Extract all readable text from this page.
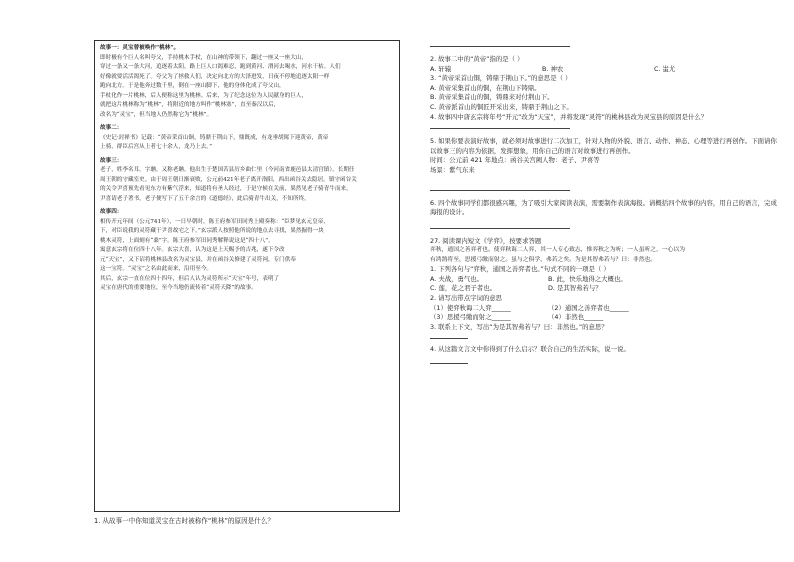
故事一：灵宝曾被唤作“桃林”。

即时极有个巨人名叫夸父，手持桃木手杖，在山神的带领下，翻过一座又一座大山，

穿过一条又一条大河，追逐着太阳。路上巨人口渴难忍，跑到黄河、渭河去喝水，河水干枯。人们

好像就要活活渴死了。夸父为了拯救人们，决定向北方的大泽进发，日夜不停地追逐太阳一样

跑向北方。于是他奔过数千里，倒在一座山脚下，他的身体化成了夸父山，

手杖化作一片桃林，后人便称这里为桃林。后来，为了纪念这位为人民献身的巨人，

就把这片桃林称为“桃林”，将附近的地方叫作“桃林塞”，直至秦汉以后，

改名为“灵宝”，但当地人仍然称它为“桃林”。

故事二：

《史记·封禅书》记载：“黄帝采首山铜，铸鼎于荆山下，鼎既成，有龙垂胡髯下迎黄帝，黄帝

上骑，群臣后宫从上者七十余人，龙乃上去。”

故事三：

老子，姓李名耳，字聃，又称老聃。他出生于楚国苦县厉乡曲仁里（今河南省鹿邑县太清宫镇），长期任

周王朝的守藏室史。由于周王朝日渐衰败，公元前421年老子离开洛阳，西出函谷关去隐居。镇守函谷关

的关令尹喜预先看见东方有紫气浮来，知道将有圣人经过，于是守候在关前，果然见老子骑青牛而来，

尹喜请老子著书，老子便写下了五千余言的《道德经》，此后骑青牛出关，不知所终。

故事四：

相传开元年间（公元741年），一日早朝时，陈王府参军田同秀上殿奏称：“臣梦见玄元皇帝，

下，对臣说我的灵符藏于尹喜故宅之下。”玄宗派人按照他所说的地点去寻找，果然掘得一块

桃木灵符，上面刻有“桑”字。陈王府参军田同秀解释说这是“四十八”，

寓意玄宗将在位四十八年。玄宗大喜，认为这是上天赐予的吉兆，遂下令改

元“天宝”，又下诏将桃林县改名为灵宝县，并在函谷关修建了灵符祠，专门供奉

这一宝符。“灵宝”之名由此而来，沿用至今。

其后，玄宗一直在位四十四年，但后人认为灵符所示“天宝”年号，表明了

灵宝在唐代的重要地位，至今当地仍流传着“灵符天降”的故事。

1. 从故事一中你知道灵宝在古时被称作“桃林”的原因是什么？

2. 故事二中的“黄帝”指的是（ ）

A. 轩辕	B. 神农	C. 蚩尤

3. “黄帝采首山铜，铸鼎于荆山下。”的意思是（ ）

A. 黄帝采集首山的铜，在荆山下铸鼎。

B. 黄帝采集首山的铜，铸鼎来对付荆山下。

C. 黄帝派首山的铜匠开采出来，铸鼎于荆山之下。

4. 故事四中唐玄宗将年号“开元”改为“天宝”，并将发现“灵符”的桃林县改为灵宝县的原因是什么？

5. 如果你要表演好故事，就必须对故事进行二次加工，针对人物的外貌、语言、动作、神态、心理等进行再创作。下面请你以故事三的内容为依据，发挥想象，用你自己的语言对故事进行再创作。

时间：公元前 421 年地点：函谷关宫阙人物：老子、尹喜等

场景：紫气东来

6. 四个故事同学们都很感兴趣，为了吸引大家阅读表演，需要制作表演海报。请概括四个故事的内容，用自己的语言，完成海报的设计。

27. 阅读课内短文《学弈》，按要求答题

弈秋，通国之善弈者也。使弈秋诲二人弈，其一人专心致志，惟弈秋之为听；一人虽听之，一心以为

有鸿鹄将至，思援弓缴而射之。虽与之俱学，弗若之矣。为是其智弗若与？曰：非然也。

1. 下列各句与“弈秋，通国之善弈者也。”句式不同的一项是（ ）

A. 夫战，勇气也。	B. 此，快乐地得之大概也。
C. 莲，花之君子者也。	D. 是其智弗若与？

2. 请写出带点字词的意思

（1）使弈秋诲二人弈______	（2）通国之善弈者也______
（3）思援弓缴而射之______	（4）非然也______

3. 联系上下文，写出“为是其智弗若与？曰：非然也。”的意思？

4. 从这篇文言文中你得到了什么启示？联合自己的生活实际，说一说。
